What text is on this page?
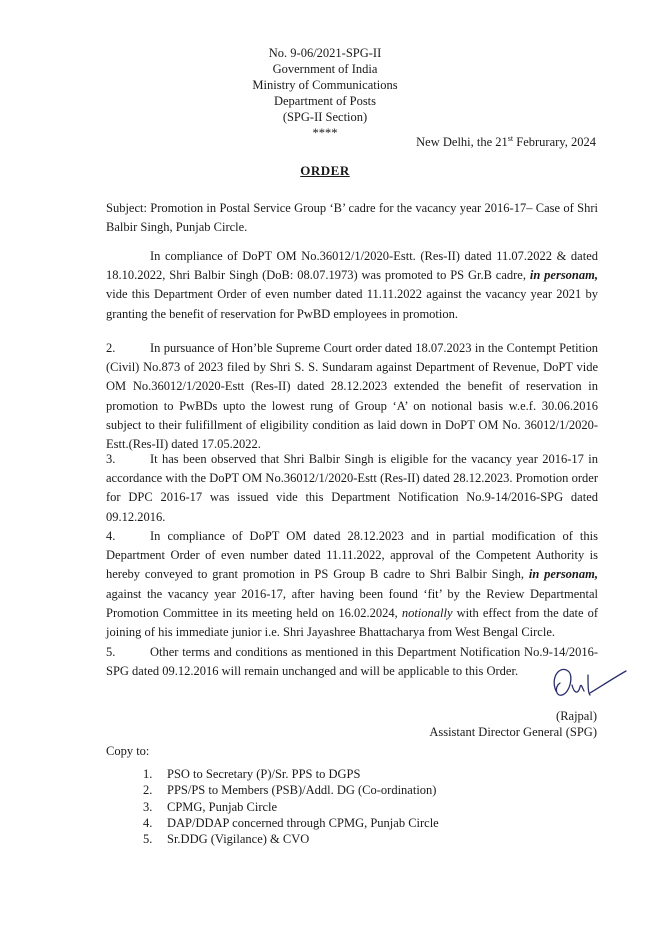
No. 9-06/2021-SPG-II
Government of India
Ministry of Communications
Department of Posts
(SPG-II Section)
****
New Delhi, the 21st Februrary, 2024
ORDER
Subject: Promotion in Postal Service Group ‘B’ cadre for the vacancy year 2016-17– Case of Shri Balbir Singh, Punjab Circle.
In compliance of DoPT OM No.36012/1/2020-Estt. (Res-II) dated 11.07.2022 & dated 18.10.2022, Shri Balbir Singh (DoB: 08.07.1973) was promoted to PS Gr.B cadre, in personam, vide this Department Order of even number dated 11.11.2022 against the vacancy year 2021 by granting the benefit of reservation for PwBD employees in promotion.
2.	In pursuance of Hon’ble Supreme Court order dated 18.07.2023 in the Contempt Petition (Civil) No.873 of 2023 filed by Shri S. S. Sundaram against Department of Revenue, DoPT vide OM No.36012/1/2020-Estt (Res-II) dated 28.12.2023 extended the benefit of reservation in promotion to PwBDs upto the lowest rung of Group ‘A’ on notional basis w.e.f. 30.06.2016 subject to their fulifillment of eligibility condition as laid down in DoPT OM No. 36012/1/2020-Estt.(Res-II) dated 17.05.2022.
3.	It has been observed that Shri Balbir Singh is eligible for the vacancy year 2016-17 in accordance with the DoPT OM No.36012/1/2020-Estt (Res-II) dated 28.12.2023. Promotion order for DPC 2016-17 was issued vide this Department Notification No.9-14/2016-SPG dated 09.12.2016.
4.	In compliance of DoPT OM dated 28.12.2023 and in partial modification of this Department Order of even number dated 11.11.2022, approval of the Competent Authority is hereby conveyed to grant promotion in PS Group B cadre to Shri Balbir Singh, in personam, against the vacancy year 2016-17, after having been found ‘fit’ by the Review Departmental Promotion Committee in its meeting held on 16.02.2024, notionally with effect from the date of joining of his immediate junior i.e. Shri Jayashree Bhattacharya from West Bengal Circle.
5.	Other terms and conditions as mentioned in this Department Notification No.9-14/2016-SPG dated 09.12.2016 will remain unchanged and will be applicable to this Order.
(Rajpal)
Assistant Director General (SPG)
Copy to:
1.	PSO to Secretary (P)/Sr. PPS to DGPS
2.	PPS/PS to Members (PSB)/Addl. DG (Co-ordination)
3.	CPMG, Punjab Circle
4.	DAP/DDAP concerned through CPMG, Punjab Circle
5.	Sr.DDG (Vigilance) & CVO
